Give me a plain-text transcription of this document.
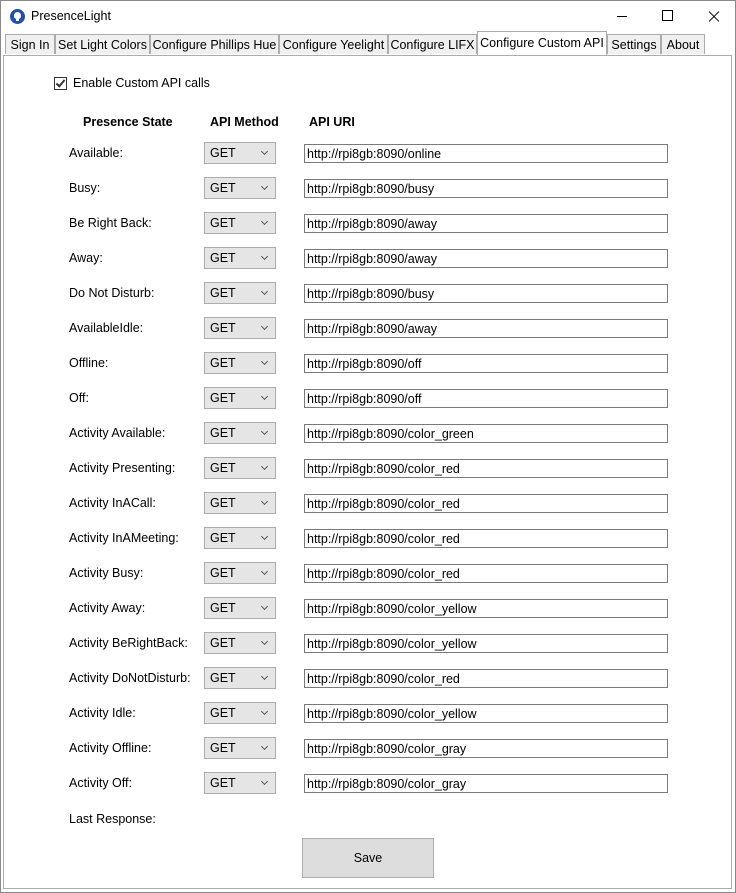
PresenceLight
Sign In Set Light Colors Configure Phillips Hue Configure Yeelight Configure LIFX Configure Custom API Settings About
Enable Custom API calls
Presence State	API Method API URI
Available:	GET
http://rpi8gb:8090/online
Busy:	GET
http://rpi8gb:8090/busy
Be Right Back:	GET
http://rpi8gb:8090/away
Away:	GET
http://rpi8gb:8090/away
Do Not Disturb:	GET
http://rpi8gb:8090/busy
AvailableIdle:	GET
http://rpi8gb:8090/away
Offline:	GET
http://rpi8gb:8090/off
Off:	GET
http://rpi8gb:8090/off
Activity Available:	GET
http://rpi8gb:8090/color_green
Activity Presenting:	GET
http://rpi8gb:8090/color_red
Activity InACall:	GET
http://rpi8gb:8090/color_red
Activity InAMeeting: GET
http://rpi8gb:8090/color_red
Activity Busy:	GET
http://rpi8gb:8090/color_red
Activity Away:	GET
http://rpi8gb:8090/color_yellow
Activity BeRightBack: GET
http://rpi8gb:8090/color_yellow
Activity DoNotDisturb: GET
http://rpi8gb:8090/color_red
Activity Idle:	GET
http://rpi8gb:8090/color_yellow
Activity Offline:	GET
http://rpi8gb:8090/color_gray
Activity Off:	GET
http://rpi8gb:8090/color_gray
Last Response:
Save
